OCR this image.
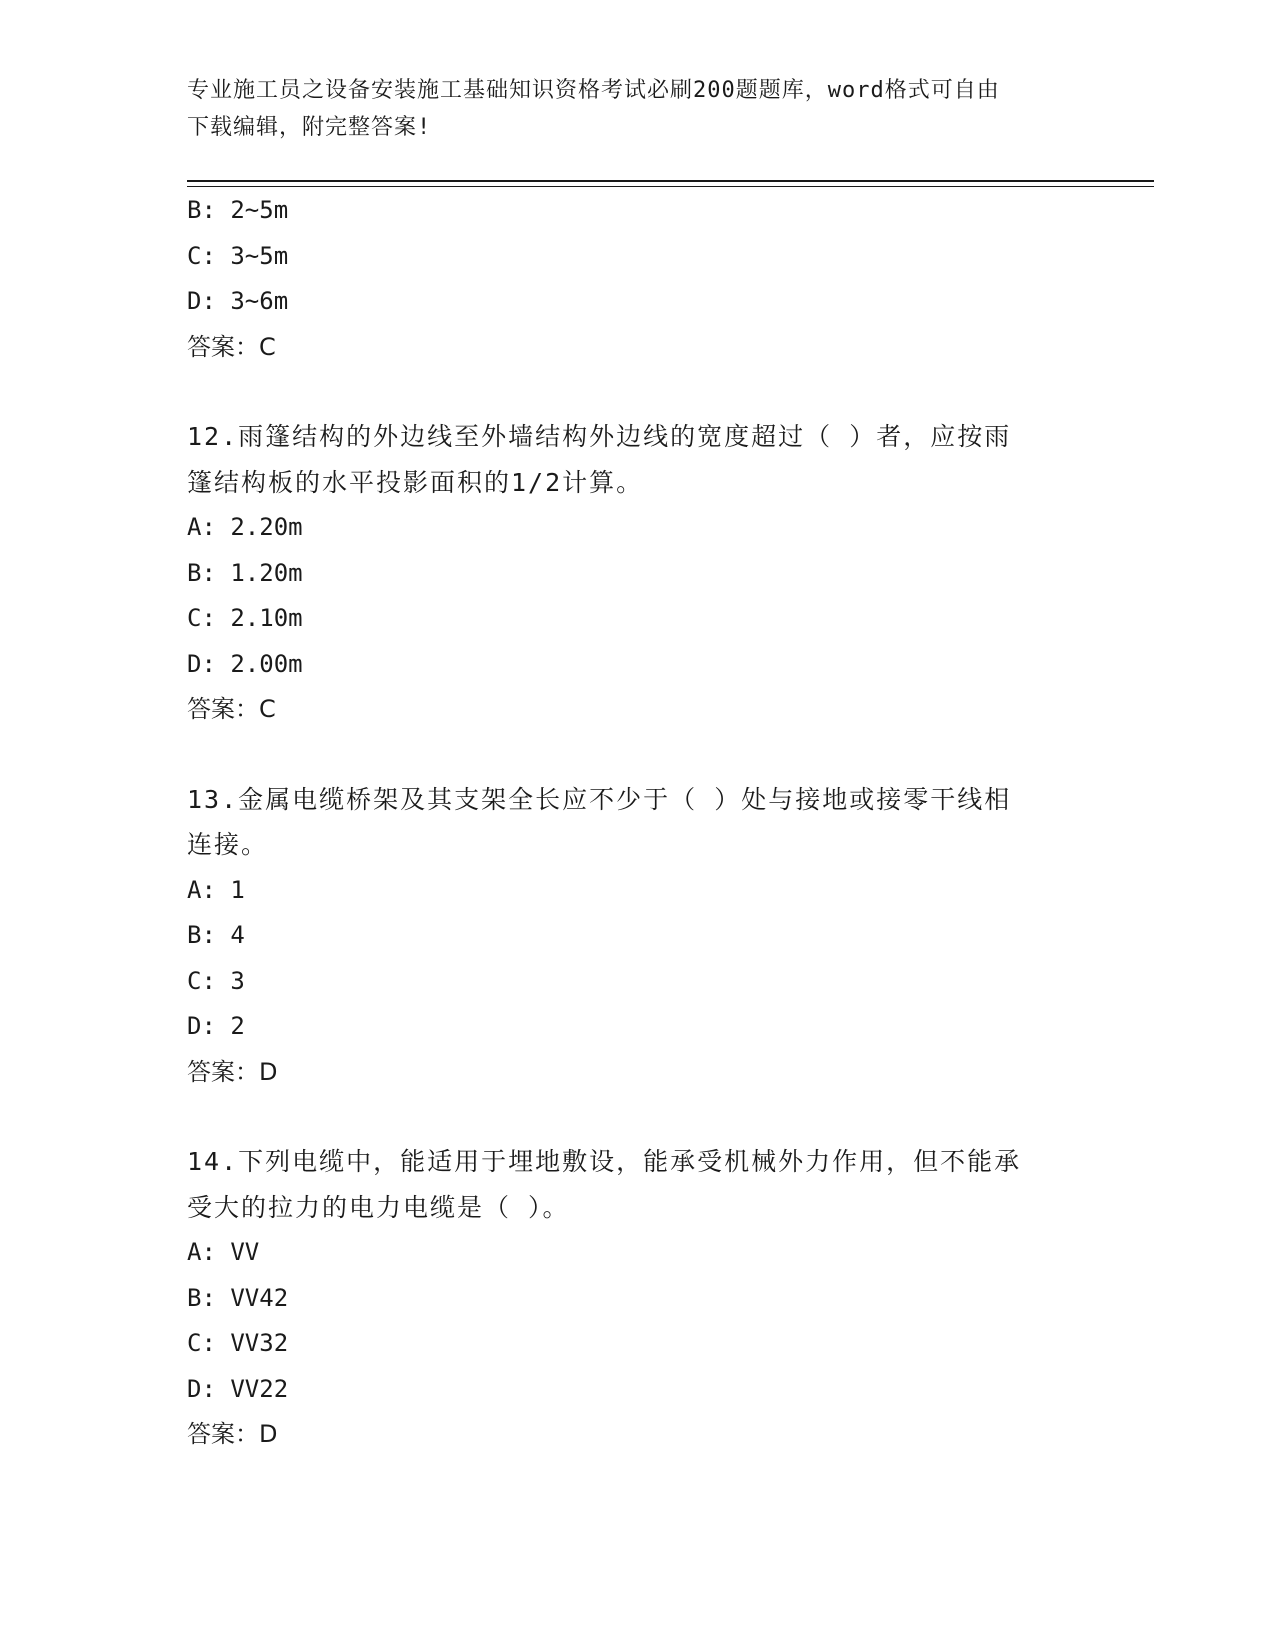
专业施工员之设备安装施工基础知识资格考试必刷200题题库，word格式可自由
下载编辑，附完整答案!
B: 2~5m
C: 3~5m
D: 3~6m
答案：C
12.雨篷结构的外边线至外墙结构外边线的宽度超过（ ）者，应按雨
篷结构板的水平投影面积的1/2计算。
A: 2.20m
B: 1.20m
C: 2.10m
D: 2.00m
答案：C
13.金属电缆桥架及其支架全长应不少于（ ）处与接地或接零干线相
连接。
A: 1
B: 4
C: 3
D: 2
答案：D
14.下列电缆中，能适用于埋地敷设，能承受机械外力作用，但不能承
受大的拉力的电力电缆是（ ）。
A: VV
B: VV42
C: VV32
D: VV22
答案：D
